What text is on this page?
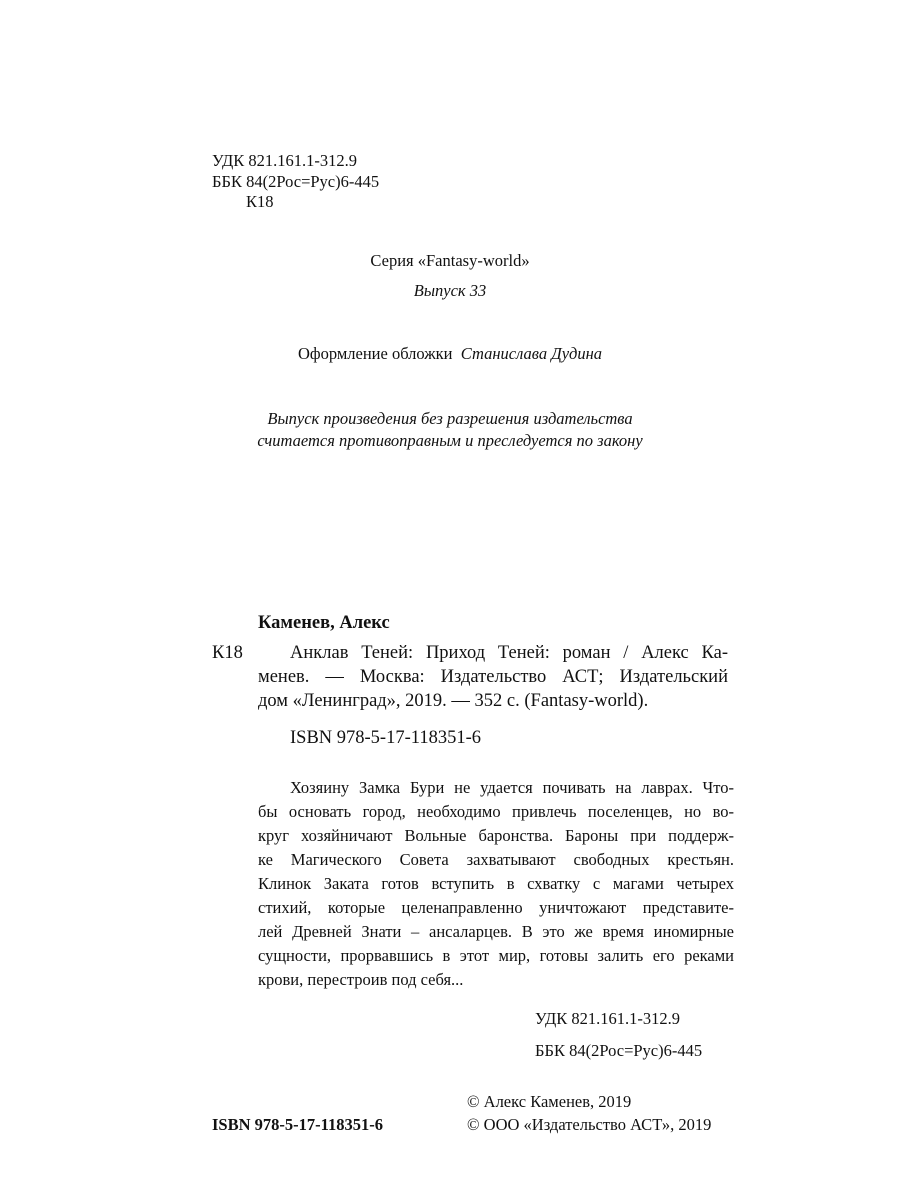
УДК 821.161.1-312.9
ББК 84(2Рос=Рус)6-445
К18
Серия «Fantasy-world»
Выпуск 33
Оформление обложки Станислава Дудина
Выпуск произведения без разрешения издательства
считается противоправным и преследуется по закону
Каменев, Алекс
К18	Анклав Теней: Приход Теней: роман / Алекс Ка-
менев. — Москва: Издательство АСТ; Издательский
дом «Ленинград», 2019. — 352 с. (Fantasy-world).
ISBN 978-5-17-118351-6
Хозяину Замка Бури не удается почивать на лаврах. Что-
бы основать город, необходимо привлечь поселенцев, но во-
круг хозяйничают Вольные баронства. Бароны при поддерж-
ке Магического Совета захватывают свободных крестьян.
Клинок Заката готов вступить в схватку с магами четырех
стихий, которые целенаправленно уничтожают представите-
лей Древней Знати – ансаларцев. В это же время иномирные
сущности, прорвавшись в этот мир, готовы залить его реками
крови, перестроив под себя...
УДК 821.161.1-312.9
ББК 84(2Рос=Рус)6-445
© Алекс Каменев, 2019
ISBN 978-5-17-118351-6	© ООО «Издательство АСТ», 2019
